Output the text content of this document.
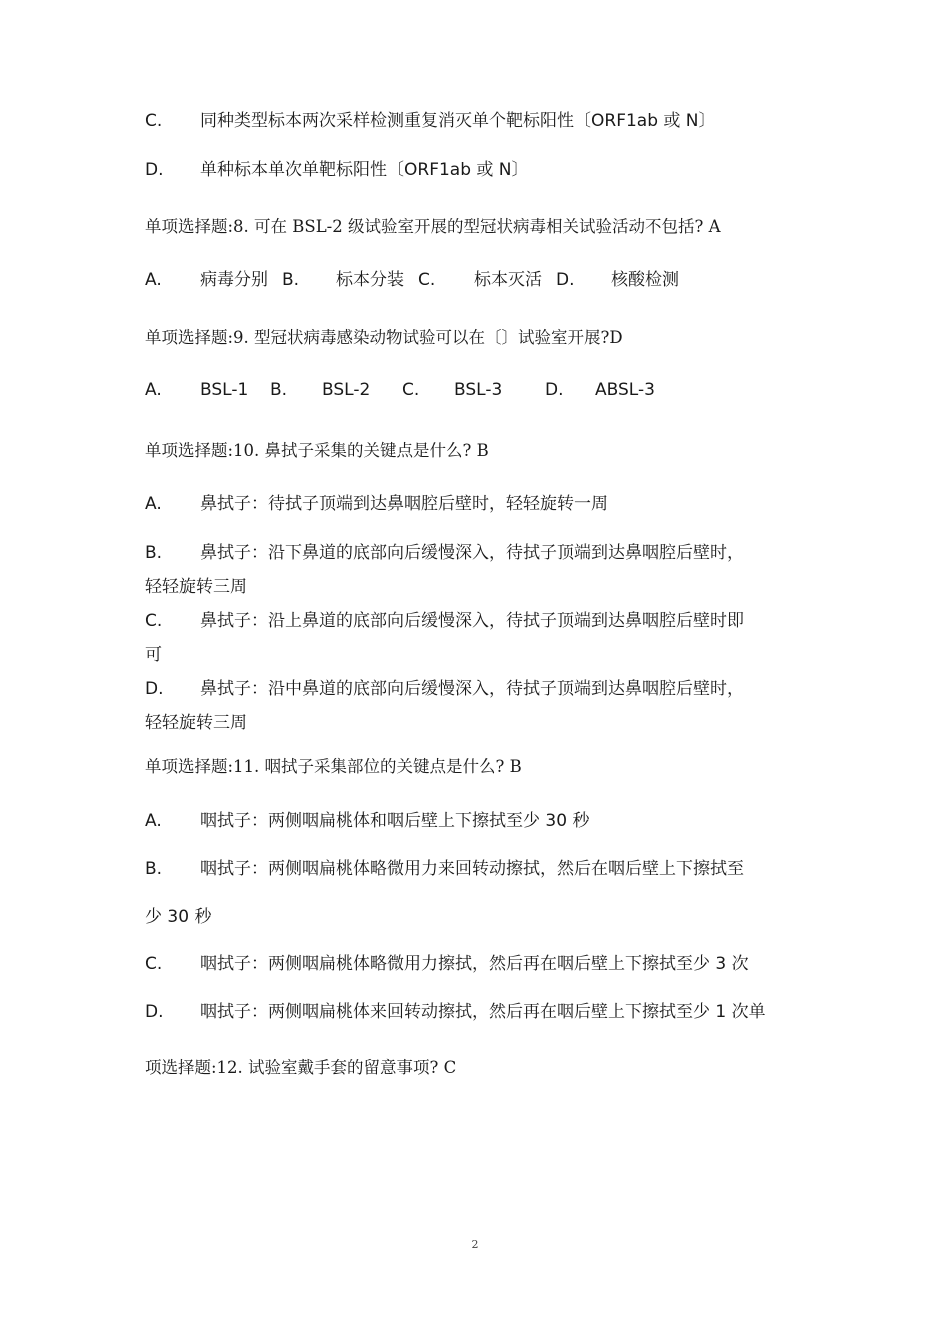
C. 同种类型标本两次采样检测重复消灭单个靶标阳性〔ORF1ab 或 N〕
D. 单种标本单次单靶标阳性〔ORF1ab 或 N〕
单项选择题:8. 可在 BSL-2 级试验室开展的型冠状病毒相关试验活动不包括? A
A. 病毒分别 B. 标本分装 C. 标本灭活 D. 核酸检测
单项选择题:9. 型冠状病毒感染动物试验可以在〔〕试验室开展?D
A. BSL-1 B. BSL-2 C. BSL-3	D. ABSL-3
单项选择题:10. 鼻拭子采集的关键点是什么? B
A. 鼻拭子：待拭子顶端到达鼻咽腔后壁时，轻轻旋转一周
B. 鼻拭子：沿下鼻道的底部向后缓慢深入，待拭子顶端到达鼻咽腔后壁时，
轻轻旋转三周
C. 鼻拭子：沿上鼻道的底部向后缓慢深入，待拭子顶端到达鼻咽腔后壁时即
可
D. 鼻拭子：沿中鼻道的底部向后缓慢深入，待拭子顶端到达鼻咽腔后壁时，
轻轻旋转三周
单项选择题:11. 咽拭子采集部位的关键点是什么? B
A. 咽拭子：两侧咽扁桃体和咽后壁上下擦拭至少 30 秒
B. 咽拭子：两侧咽扁桃体略微用力来回转动擦拭，然后在咽后壁上下擦拭至
少 30 秒
C. 咽拭子：两侧咽扁桃体略微用力擦拭，然后再在咽后壁上下擦拭至少 3 次
D. 咽拭子：两侧咽扁桃体来回转动擦拭，然后再在咽后壁上下擦拭至少 1 次单
项选择题:12. 试验室戴手套的留意事项? C
2
